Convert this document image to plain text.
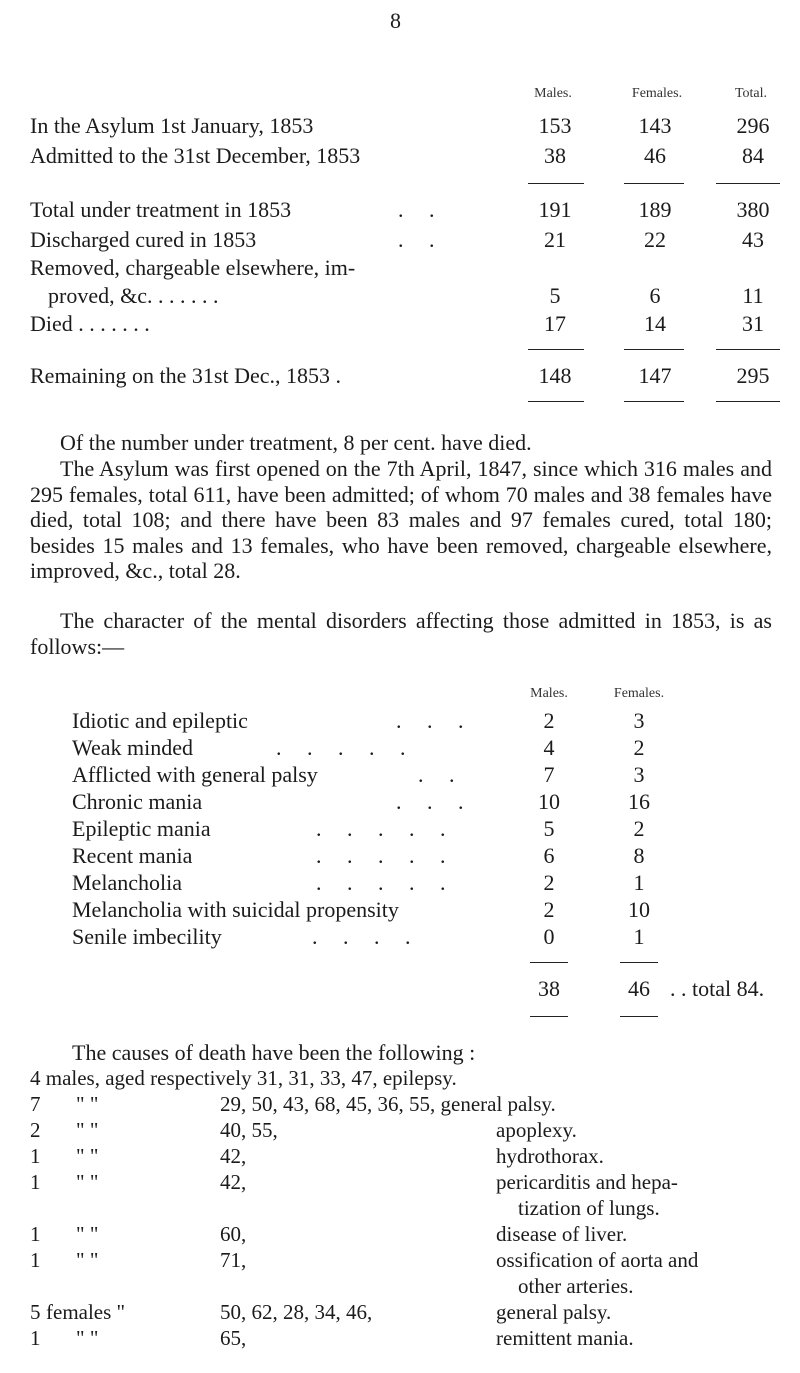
8
Males.	Females.	Total.
In the Asylum 1st January, 1853	153	143	296
Admitted to the 31st December, 1853	38	46	84
Total under treatment in 1853	. .	191	189	380
Discharged cured in 1853	. .	21	22	43
Removed, chargeable elsewhere, im-
proved, &c. . . . . . .	5	6	11
Died . . . . . . .	17	14	31
Remaining on the 31st Dec., 1853 .	148	147	295
Of the number under treatment, 8 per cent. have died.
The Asylum was first opened on the 7th April, 1847, since which 316 males and 295 females, total 611, have been admitted; of whom 70 males and 38 females have died, total 108; and there have been 83 males and 97 females cured, total 180; besides 15 males and 13 females, who have been removed, chargeable elsewhere, improved, &c., total 28.
The character of the mental disorders affecting those admitted in 1853, is as follows:—
Males.	Females.
Idiotic and epileptic	. . .	2	3
Weak minded	. . . . .	4	2
Afflicted with general palsy	. .	7	3
Chronic mania	. . .	10	16
Epileptic mania	. . . . .	5	2
Recent mania	. . . . .	6	8
Melancholia	. . . . .	2	1
Melancholia with suicidal propensity	2	10
Senile imbecility	. . . .	0	1
38	46 . . total 84.
The causes of death have been the following :
4 males, aged respectively 31, 31, 33, 47, epilepsy.
7 " "	29, 50, 43, 68, 45, 36, 55, general palsy.
2 " "	40, 55,	apoplexy.
1 " "	42,	hydrothorax.
1 " "	42,	pericarditis and hepa-
tization of lungs.
1 " "	60,	disease of liver.
1 " "	71,	ossification of aorta and
other arteries.
5 females "	50, 62, 28, 34, 46,	general palsy.
1 " "	65,	remittent mania.
